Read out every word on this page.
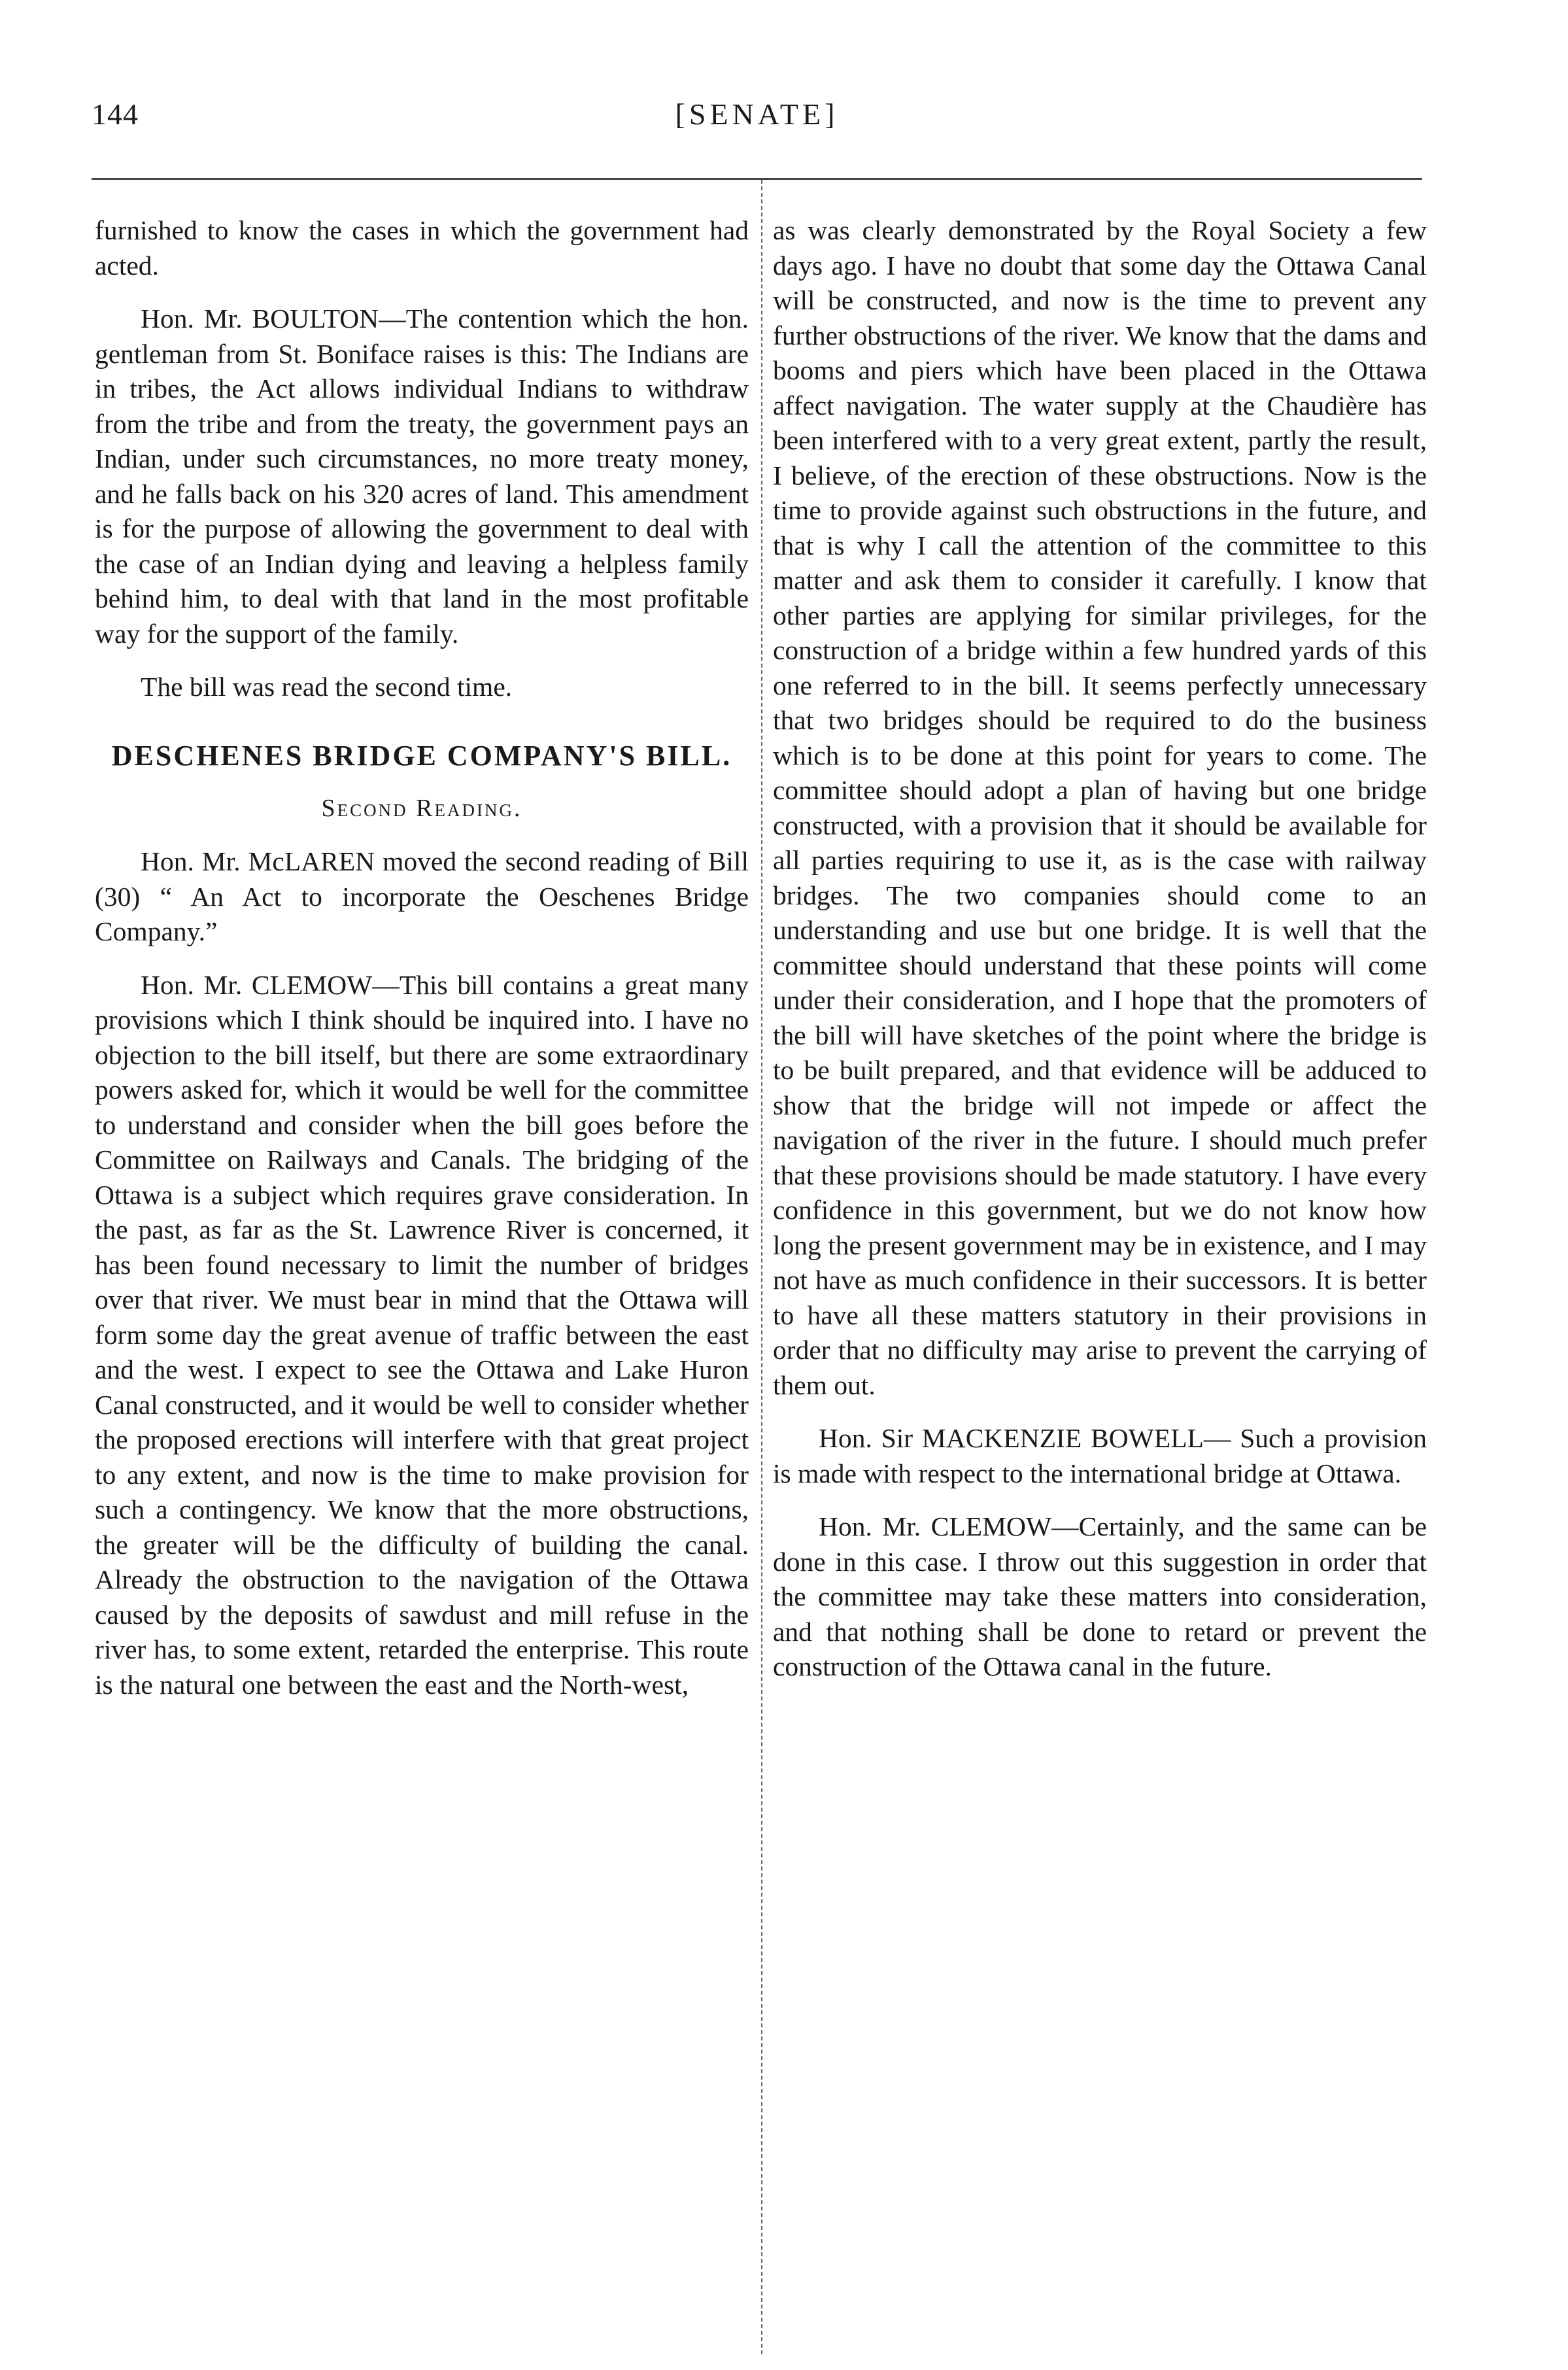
144	[SENATE]

furnished to know the cases in which the government had acted.

Hon. Mr. BOULTON—The contention which the hon. gentleman from St. Boniface raises is this: The Indians are in tribes, the Act allows individual Indians to withdraw from the tribe and from the treaty, the government pays an Indian, under such circumstances, no more treaty money, and he falls back on his 320 acres of land. This amendment is for the purpose of allowing the government to deal with the case of an Indian dying and leaving a helpless family behind him, to deal with that land in the most profitable way for the support of the family.

The bill was read the second time.

DESCHENES BRIDGE COMPANY'S BILL.
Second Reading.

Hon. Mr. McLAREN moved the second reading of Bill (30) “ An Act to incorporate the Oeschenes Bridge Company.”

Hon. Mr. CLEMOW—This bill contains a great many provisions which I think should be inquired into. I have no objection to the bill itself, but there are some extraordinary powers asked for, which it would be well for the committee to understand and consider when the bill goes before the Committee on Railways and Canals. The bridging of the Ottawa is a subject which requires grave consideration. In the past, as far as the St. Lawrence River is concerned, it has been found necessary to limit the number of bridges over that river. We must bear in mind that the Ottawa will form some day the great avenue of traffic between the east and the west. I expect to see the Ottawa and Lake Huron Canal constructed, and it would be well to consider whether the proposed erections will interfere with that great project to any extent, and now is the time to make provision for such a contingency. We know that the more obstructions, the greater will be the difficulty of building the canal. Already the obstruction to the navigation of the Ottawa caused by the deposits of sawdust and mill refuse in the river has, to some extent, retarded the enterprise. This route is the natural one between the east and the North-west,

as was clearly demonstrated by the Royal Society a few days ago. I have no doubt that some day the Ottawa Canal will be constructed, and now is the time to prevent any further obstructions of the river. We know that the dams and booms and piers which have been placed in the Ottawa affect navigation. The water supply at the Chaudière has been interfered with to a very great extent, partly the result, I believe, of the erection of these obstructions. Now is the time to provide against such obstructions in the future, and that is why I call the attention of the committee to this matter and ask them to consider it carefully. I know that other parties are applying for similar privileges, for the construction of a bridge within a few hundred yards of this one referred to in the bill. It seems perfectly unnecessary that two bridges should be required to do the business which is to be done at this point for years to come. The committee should adopt a plan of having but one bridge constructed, with a provision that it should be available for all parties requiring to use it, as is the case with railway bridges. The two companies should come to an understanding and use but one bridge. It is well that the committee should understand that these points will come under their consideration, and I hope that the promoters of the bill will have sketches of the point where the bridge is to be built prepared, and that evidence will be adduced to show that the bridge will not impede or affect the navigation of the river in the future. I should much prefer that these provisions should be made statutory. I have every confidence in this government, but we do not know how long the present government may be in existence, and I may not have as much confidence in their successors. It is better to have all these matters statutory in their provisions in order that no difficulty may arise to prevent the carrying of them out.

Hon. Sir MACKENZIE BOWELL— Such a provision is made with respect to the international bridge at Ottawa.

Hon. Mr. CLEMOW—Certainly, and the same can be done in this case. I throw out this suggestion in order that the committee may take these matters into consideration, and that nothing shall be done to retard or prevent the construction of the Ottawa canal in the future.
